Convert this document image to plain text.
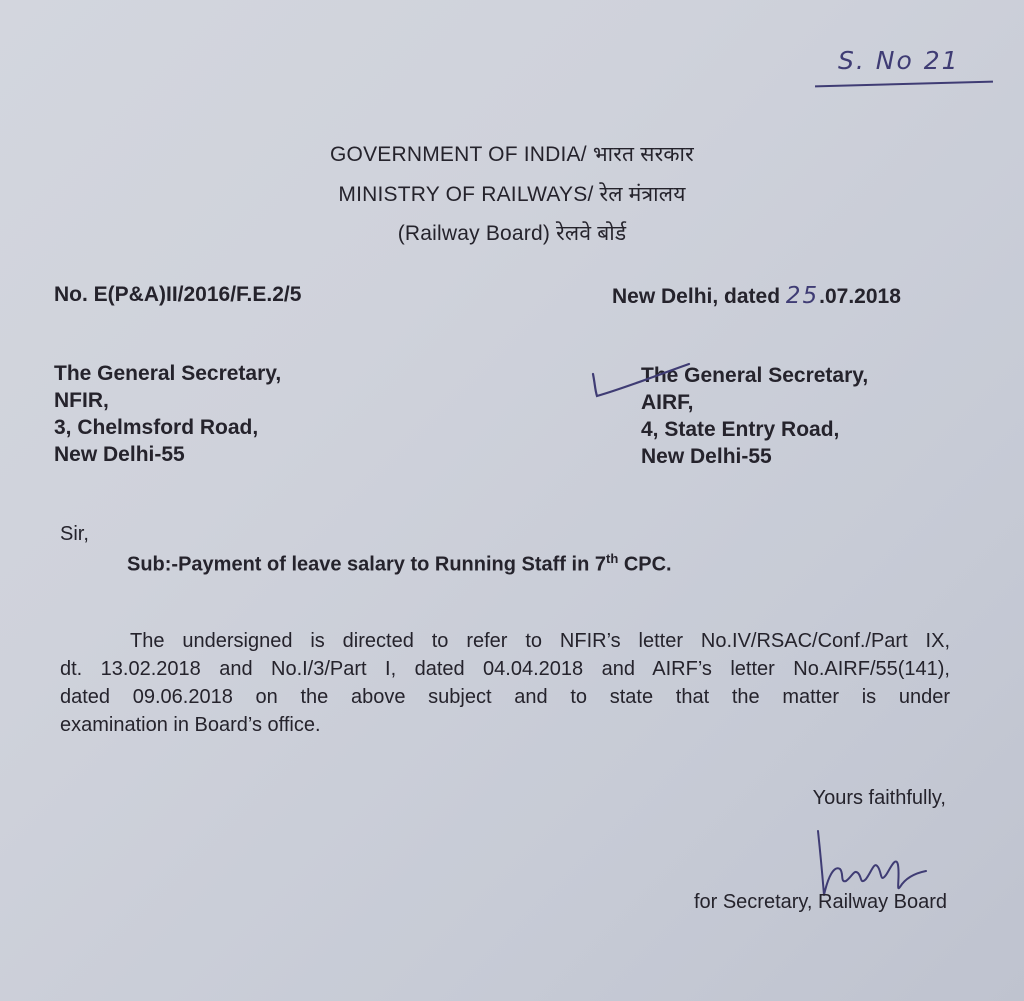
S. No 21
GOVERNMENT OF INDIA/ भारत सरकार
MINISTRY OF RAILWAYS/ रेल मंत्रालय
(Railway Board) रेलवे बोर्ड
No. E(P&A)II/2016/F.E.2/5	New Delhi, dated 25.07.2018
The General Secretary,
NFIR,
3, Chelmsford Road,
New Delhi-55
The General Secretary,
AIRF,
4, State Entry Road,
New Delhi-55
Sir,
Sub:-Payment of leave salary to Running Staff in 7th CPC.
The undersigned is directed to refer to NFIR’s letter No.IV/RSAC/Conf./Part IX,
dt. 13.02.2018 and No.I/3/Part I, dated 04.04.2018 and AIRF’s letter No.AIRF/55(141),
dated 09.06.2018 on the above subject and to state that the matter is under
examination in Board’s office.
Yours faithfully,
for Secretary, Railway Board
